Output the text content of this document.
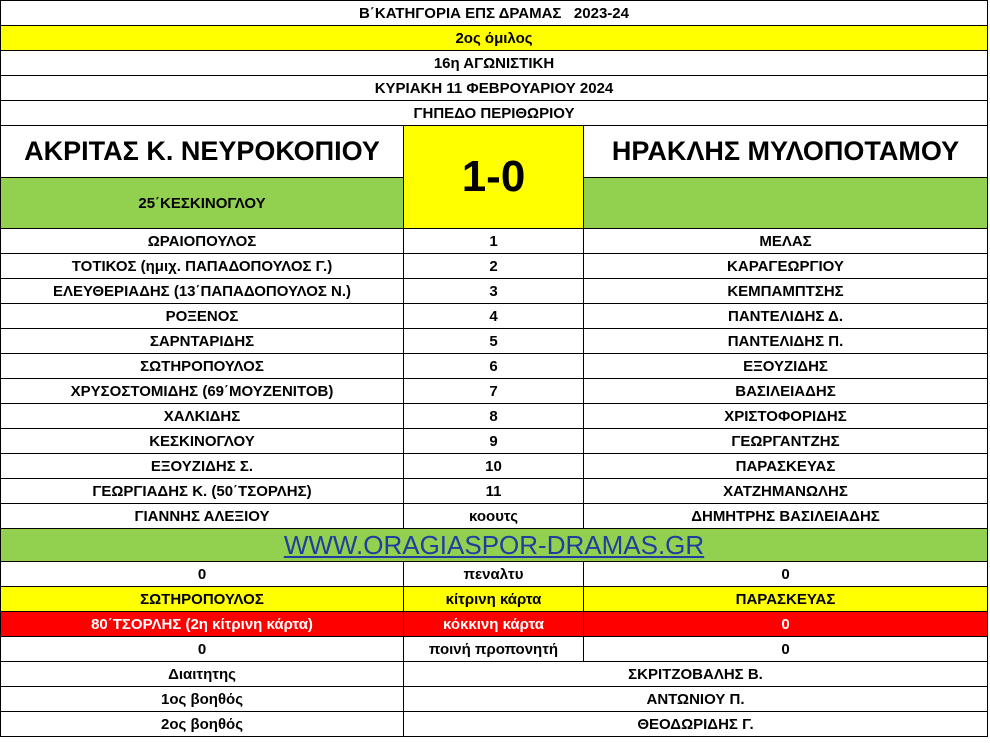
Β΄ΚΑΤΗΓΟΡΙΑ ΕΠΣ ΔΡΑΜΑΣ   2023-24		
2ος όμιλος		
16η ΑΓΩΝΙΣΤΙΚΗ		
ΚΥΡΙΑΚΗ 11 ΦΕΒΡΟΥΑΡΙΟΥ 2024		
ΓΗΠΕΔΟ ΠΕΡΙΘΩΡΙΟΥ		
ΑΚΡΙΤΑΣ Κ. ΝΕΥΡΟΚΟΠΙΟΥ	1-0	ΗΡΑΚΛΗΣ ΜΥΛΟΠΟΤΑΜΟΥ
25΄ΚΕΣΚΙΝΟΓΛΟΥ		
ΩΡΑΙΟΠΟΥΛΟΣ	1	ΜΕΛΑΣ
ΤΟΤΙΚΟΣ (ημιχ. ΠΑΠΑΔΟΠΟΥΛΟΣ Γ.)	2	ΚΑΡΑΓΕΩΡΓΙΟΥ
ΕΛΕΥΘΕΡΙΑΔΗΣ (13΄ΠΑΠΑΔΟΠΟΥΛΟΣ Ν.)	3	ΚΕΜΠΑΜΠΤΣΗΣ
ΡΟΞΕΝΟΣ	4	ΠΑΝΤΕΛΙΔΗΣ Δ.
ΣΑΡΝΤΑΡΙΔΗΣ	5	ΠΑΝΤΕΛΙΔΗΣ Π.
ΣΩΤΗΡΟΠΟΥΛΟΣ	6	ΕΞΟΥΖΙΔΗΣ
ΧΡΥΣΟΣΤΟΜΙΔΗΣ (69΄ΜΟΥΖΕΝΙΤΟΒ)	7	ΒΑΣΙΛΕΙΑΔΗΣ
ΧΑΛΚΙΔΗΣ	8	ΧΡΙΣΤΟΦΟΡΙΔΗΣ
ΚΕΣΚΙΝΟΓΛΟΥ	9	ΓΕΩΡΓΑΝΤΖΗΣ
ΕΞΟΥΖΙΔΗΣ Σ.	10	ΠΑΡΑΣΚΕΥΑΣ
ΓΕΩΡΓΙΑΔΗΣ Κ. (50΄ΤΣΟΡΛΗΣ)	11	ΧΑΤΖΗΜΑΝΩΛΗΣ
ΓΙΑΝΝΗΣ ΑΛΕΞΙΟΥ	κοουτς	ΔΗΜΗΤΡΗΣ ΒΑΣΙΛΕΙΑΔΗΣ
WWW.ORAGIASPOR-DRAMAS.GR		
0	πεναλτυ	0
ΣΩΤΗΡΟΠΟΥΛΟΣ	κίτρινη κάρτα	ΠΑΡΑΣΚΕΥΑΣ
80΄ΤΣΟΡΛΗΣ (2η κίτρινη κάρτα)	κόκκινη κάρτα	0
0	ποινή προπονητή	0
Διαιτητης	ΣΚΡΙΤΖΟΒΑΛΗΣ Β.	
1ος βοηθός	ΑΝΤΩΝΙΟΥ Π.	
2ος βοηθός	ΘΕΟΔΩΡΙΔΗΣ Γ.	
